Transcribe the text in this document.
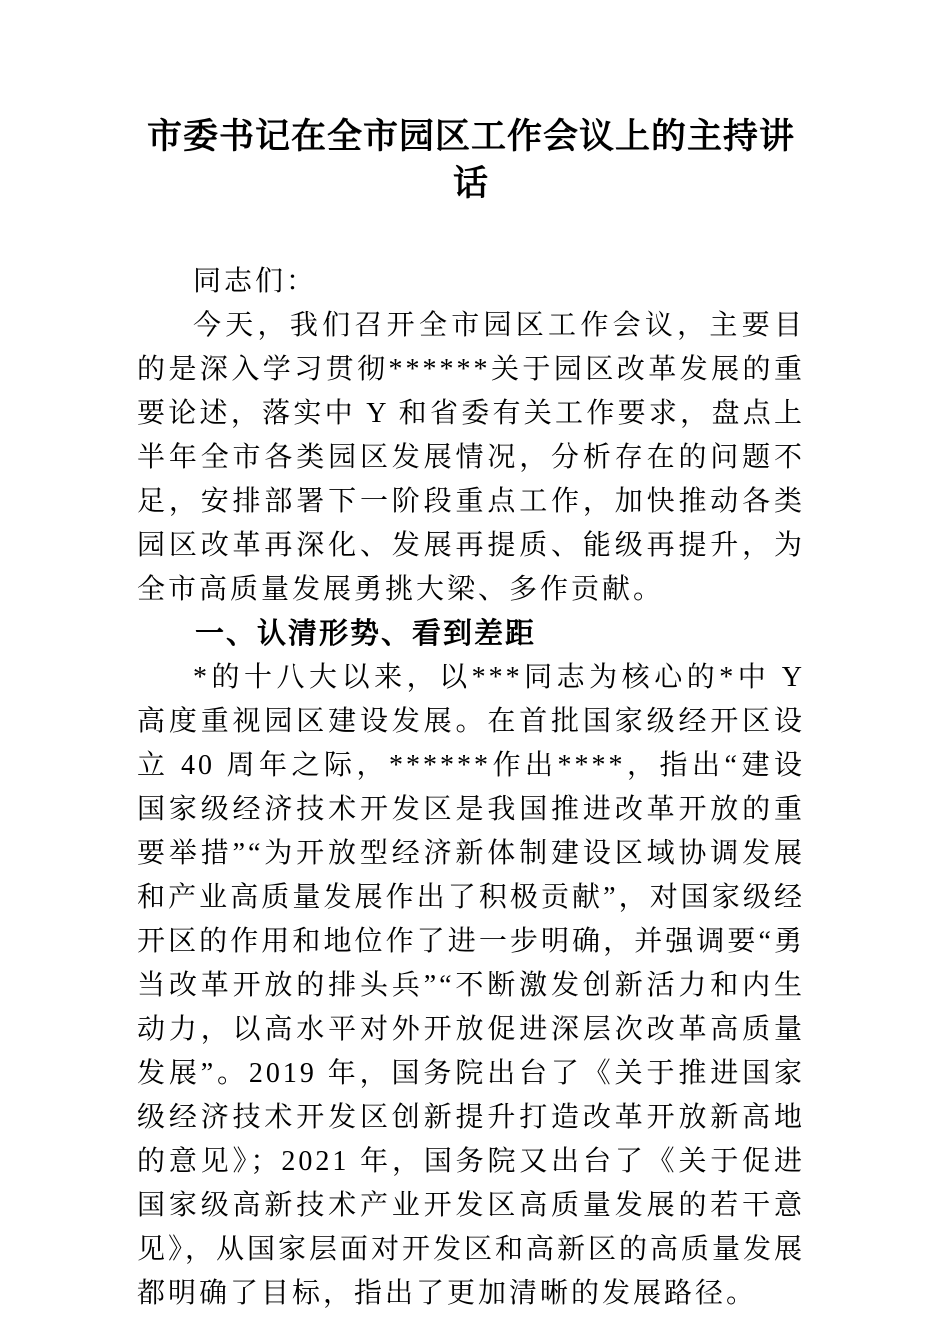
市委书记在全市园区工作会议上的主持讲话

同志们：

今天，我们召开全市园区工作会议，主要目的是深入学习贯彻******关于园区改革发展的重要论述，落实中 Y 和省委有关工作要求，盘点上半年全市各类园区发展情况，分析存在的问题不足，安排部署下一阶段重点工作，加快推动各类园区改革再深化、发展再提质、能级再提升，为全市高质量发展勇挑大梁、多作贡献。

一、认清形势、看到差距

*的十八大以来，以***同志为核心的*中 Y 高度重视园区建设发展。在首批国家级经开区设立 40 周年之际，******作出****，指出“建设国家级经济技术开发区是我国推进改革开放的重要举措”“为开放型经济新体制建设区域协调发展和产业高质量发展作出了积极贡献”，对国家级经开区的作用和地位作了进一步明确，并强调要“勇当改革开放的排头兵”“不断激发创新活力和内生动力，以高水平对外开放促进深层次改革高质量发展”。2019 年，国务院出台了《关于推进国家级经济技术开发区创新提升打造改革开放新高地的意见》；2021 年，国务院又出台了《关于促进国家级高新技术产业开发区高质量发展的若干意见》，从国家层面对开发区和高新区的高质量发展都明确了目标，指出了更加清晰的发展路径。
